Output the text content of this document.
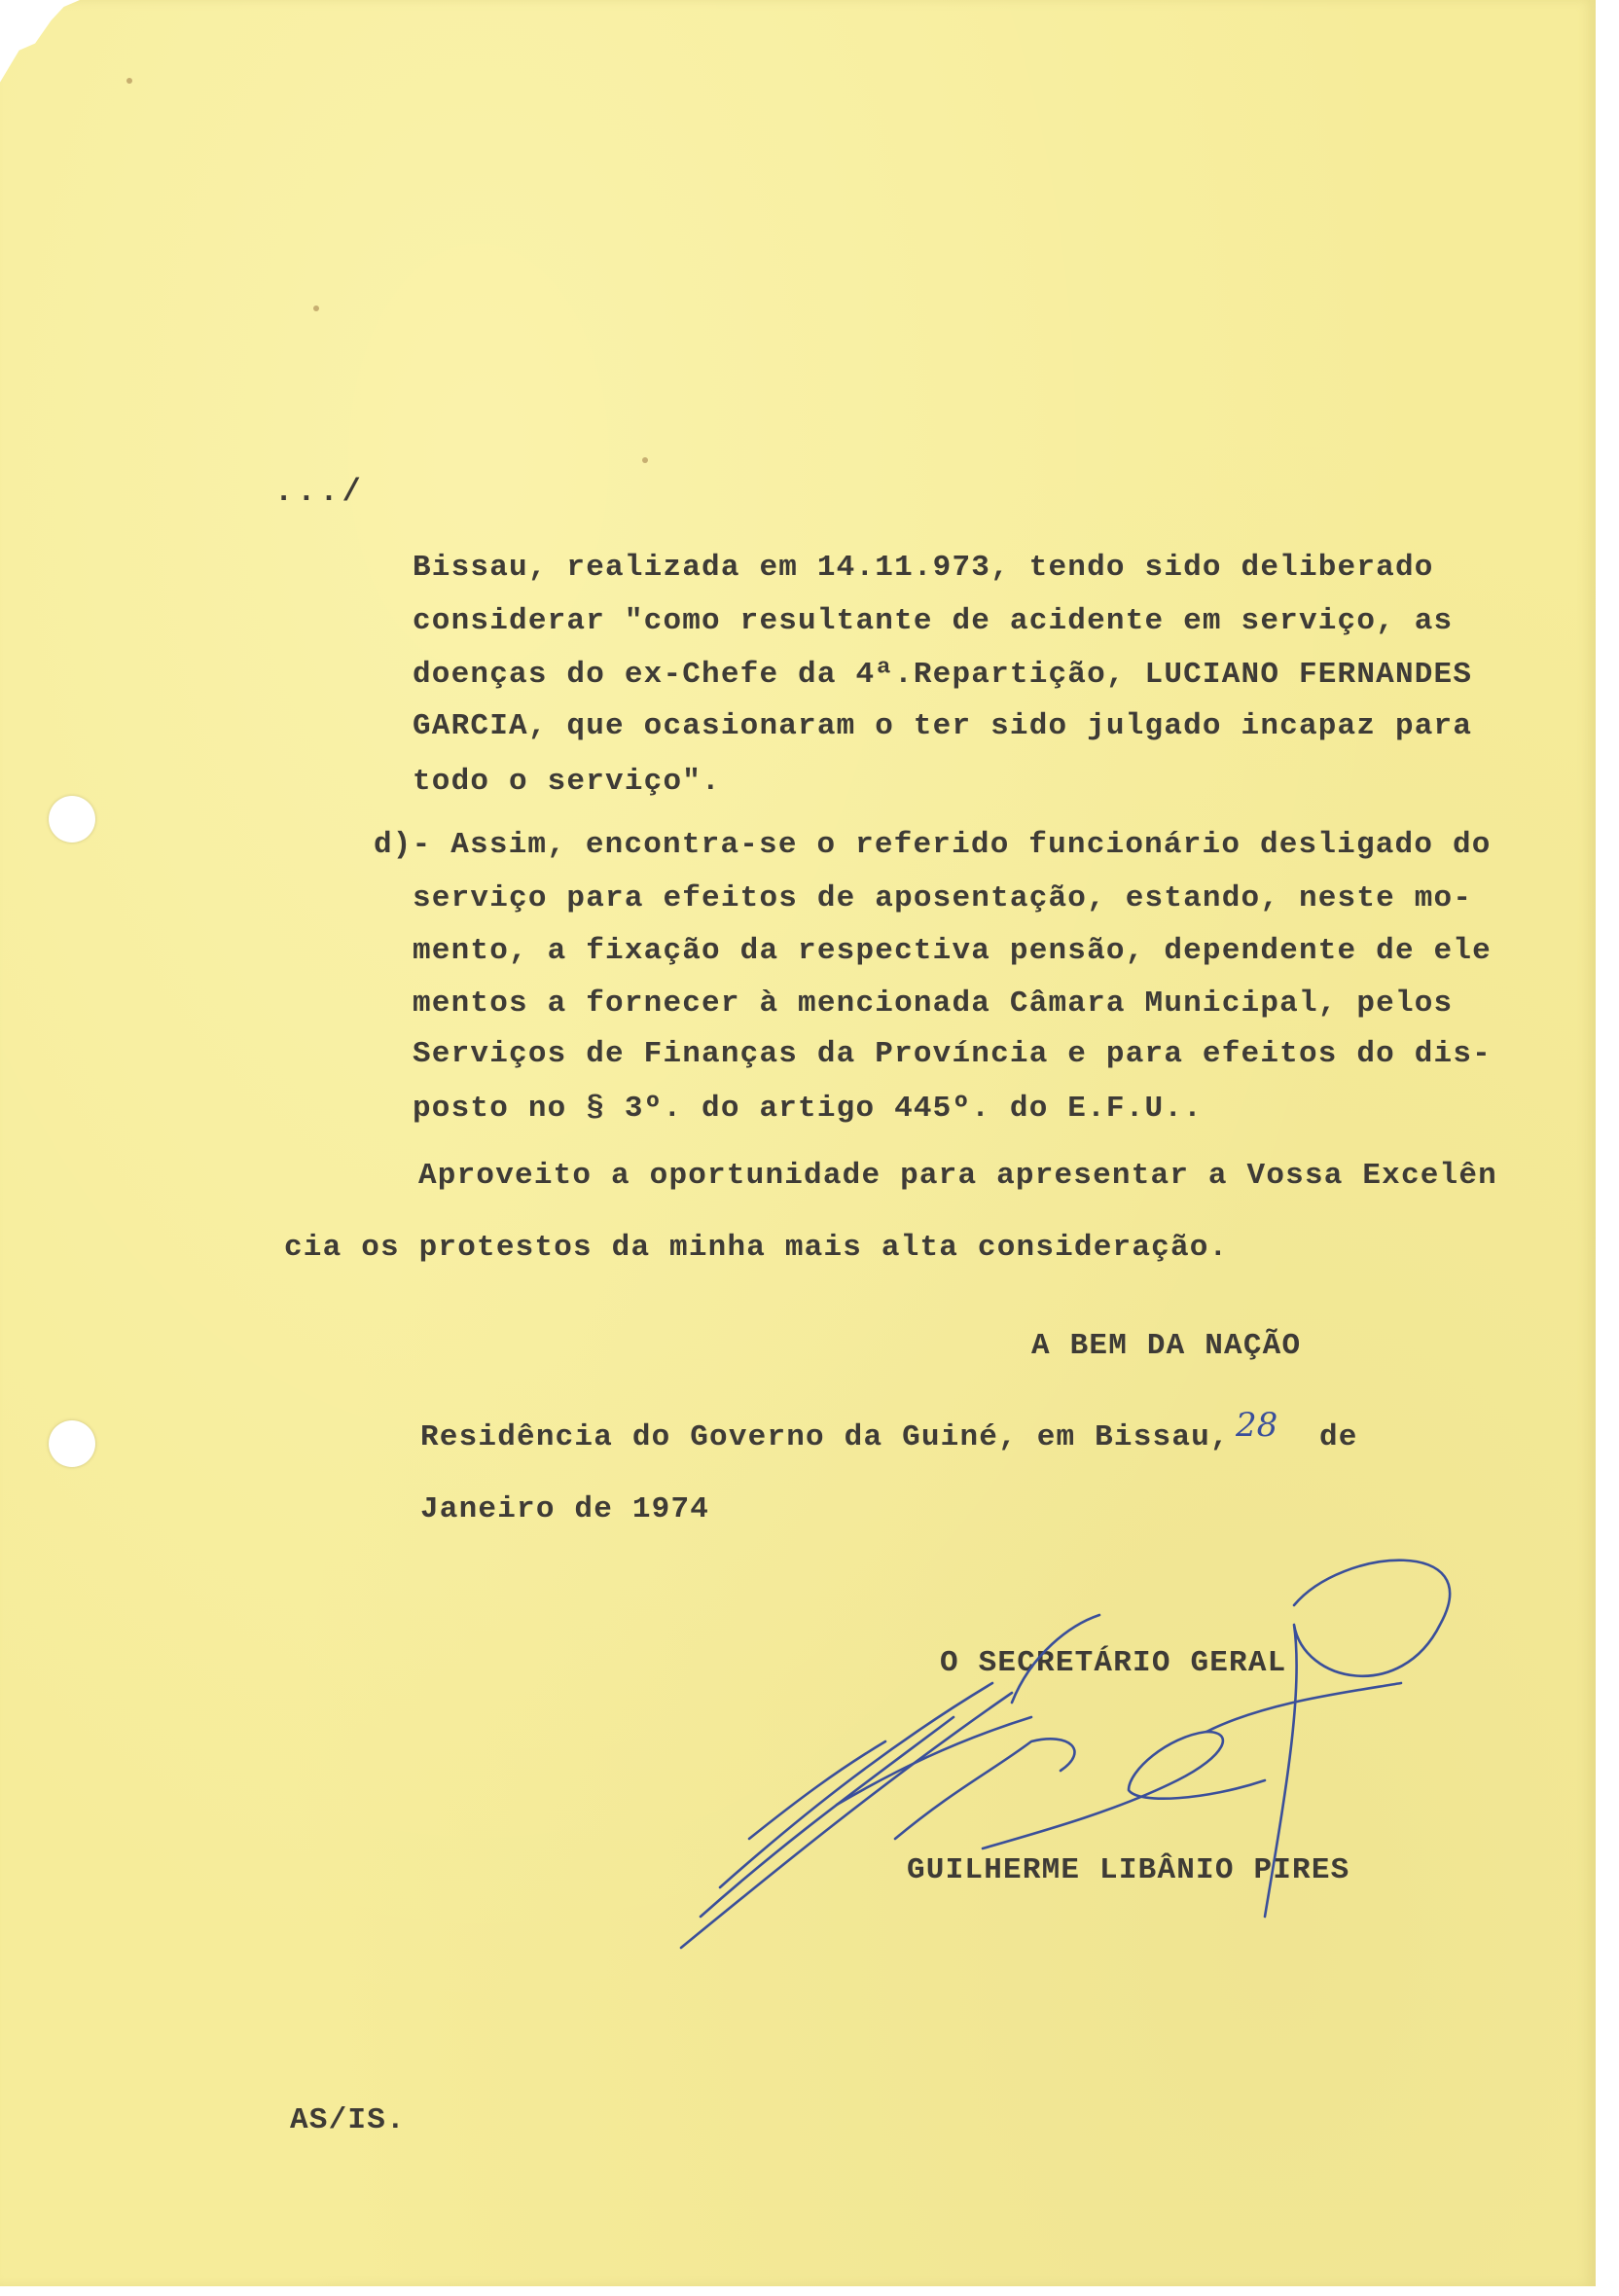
.../
Bissau, realizada em 14.11.973, tendo sido deliberado
considerar "como resultante de acidente em serviço, as
doenças do ex-Chefe da 4ª.Repartição, LUCIANO FERNANDES
GARCIA, que ocasionaram o ter sido julgado incapaz para
todo o serviço".
d)- Assim, encontra-se o referido funcionário desligado do
serviço para efeitos de aposentação, estando, neste mo-
mento, a fixação da respectiva pensão, dependente de ele
mentos a fornecer à mencionada Câmara Municipal, pelos
Serviços de Finanças da Província e para efeitos do dis-
posto no § 3º. do artigo 445º. do E.F.U..
Aproveito a oportunidade para apresentar a Vossa Excelên
cia os protestos da minha mais alta consideração.
A BEM DA NAÇÃO
Residência do Governo da Guiné, em Bissau, 28 de
Janeiro de 1974
O SECRETÁRIO GERAL
GUILHERME LIBÂNIO PIRES
AS/IS.
